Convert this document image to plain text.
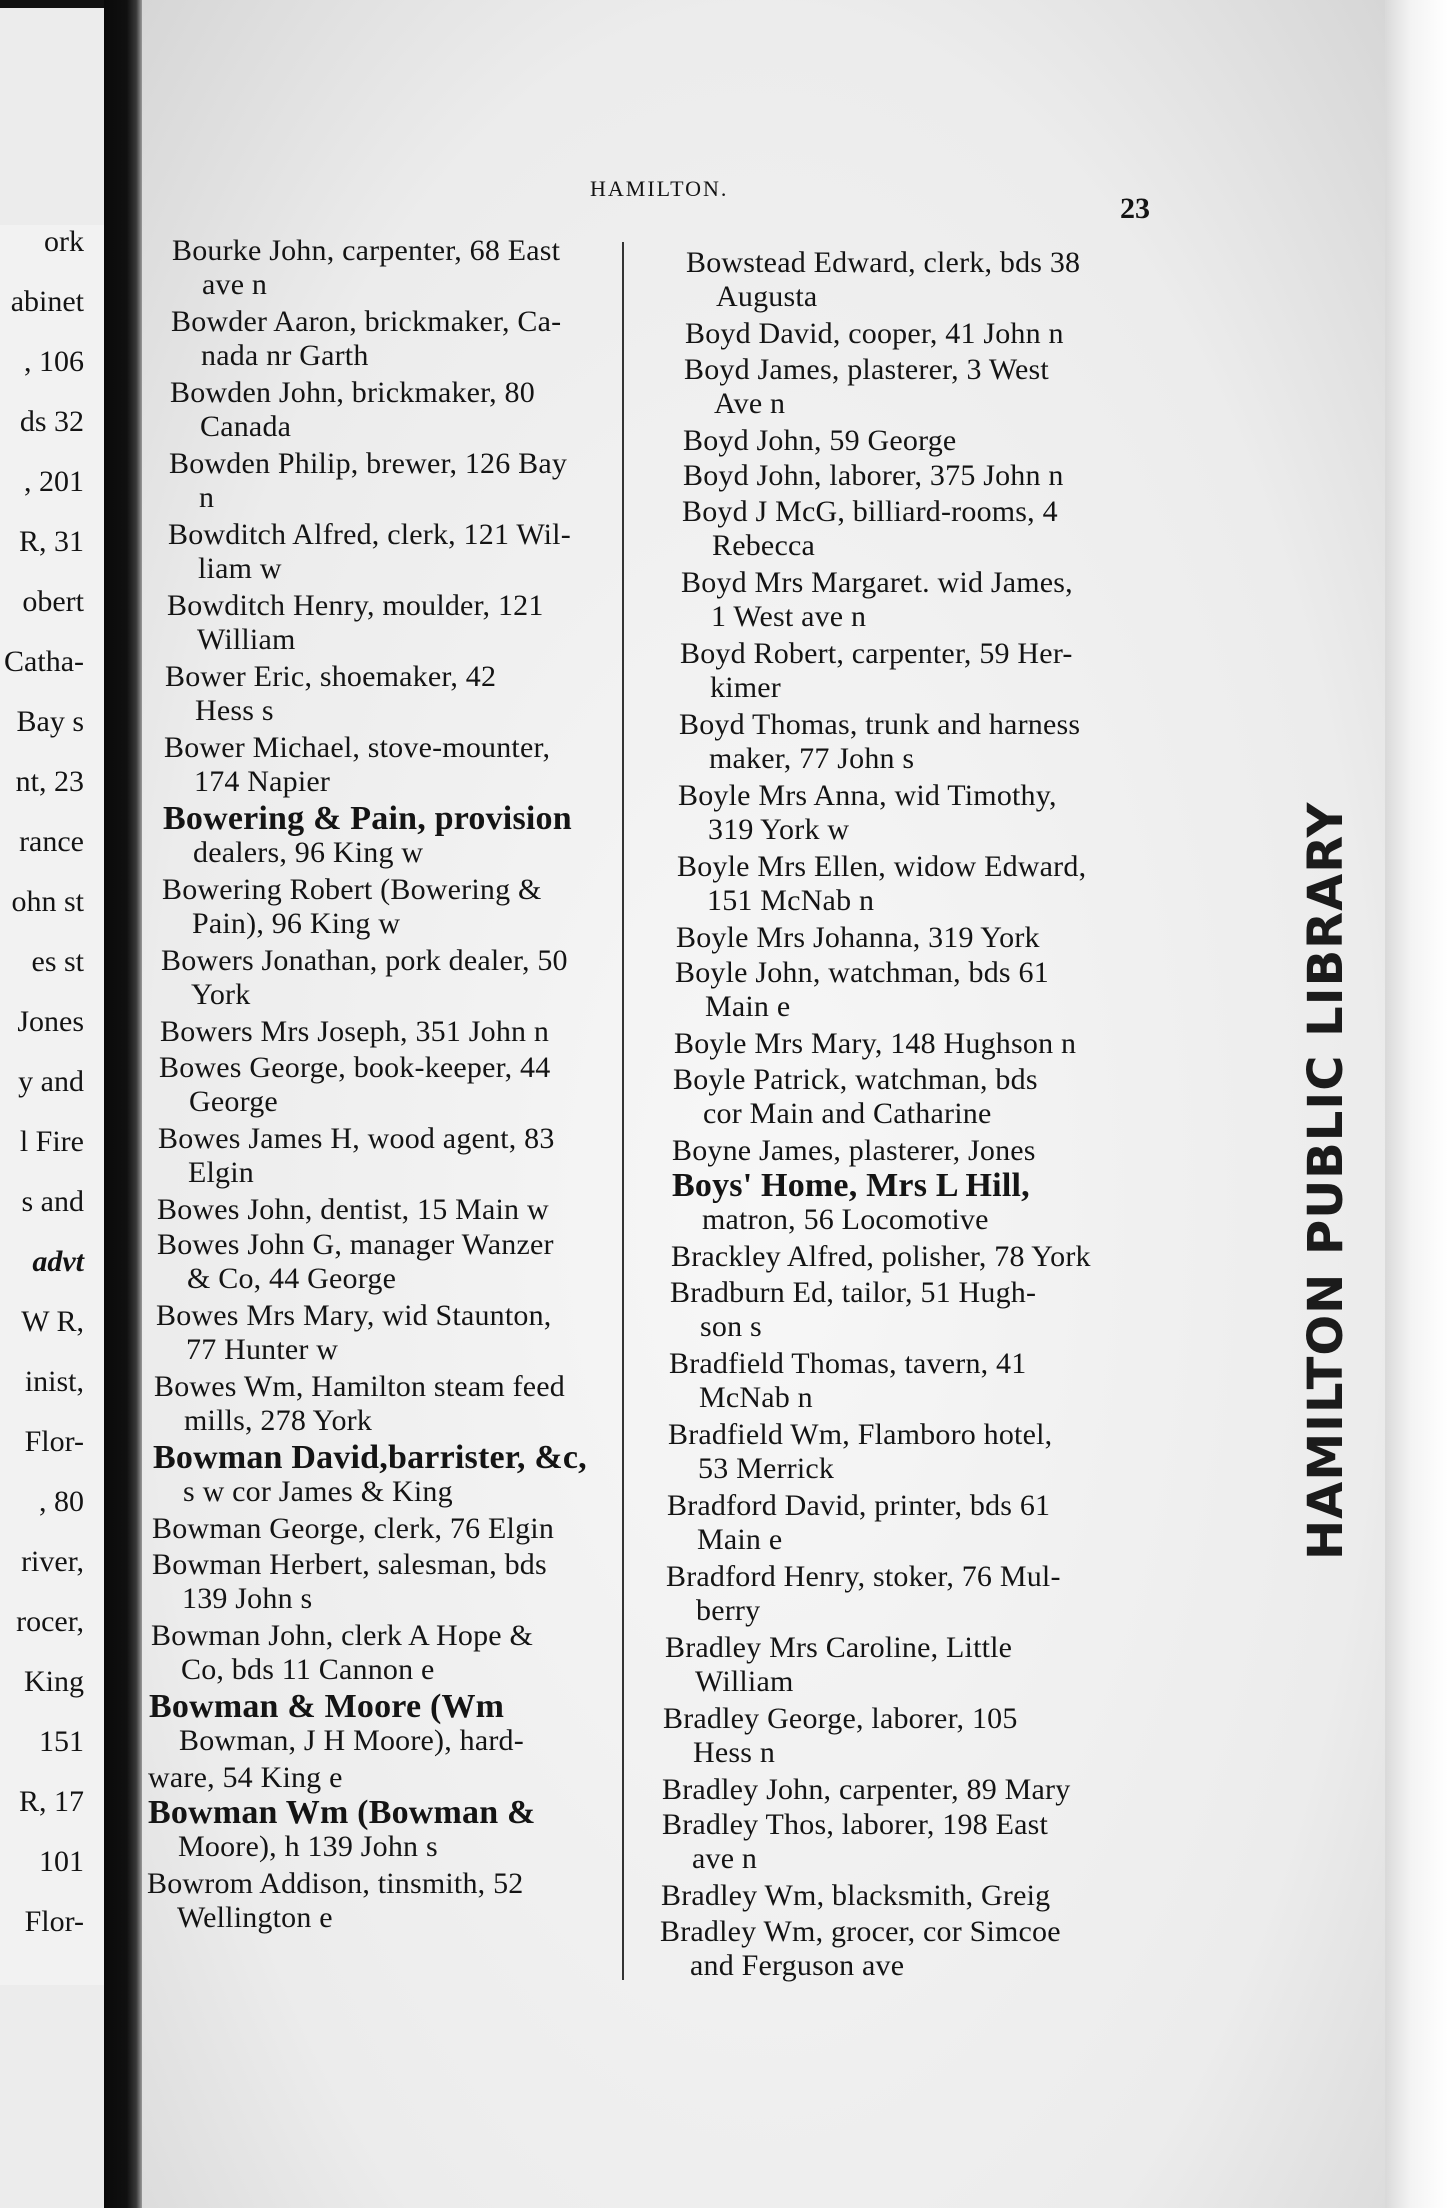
ork
abinet
, 106
ds 32
, 201
R, 31
obert
Catha-
Bay s
nt, 23
rance
ohn st
es st
Jones
y and
l Fire
s and
advt
W R,
inist,
Flor-
, 80
river,
rocer,
King
151
R, 17
101
Flor-
HAMILTON.
23
Bourke John, carpenter, 68 East
ave n
Bowder Aaron, brickmaker, Ca-
nada nr Garth
Bowden John, brickmaker, 80
Canada
Bowden Philip, brewer, 126 Bay
n
Bowditch Alfred, clerk, 121 Wil-
liam w
Bowditch Henry, moulder, 121
William
Bower Eric, shoemaker, 42
Hess s
Bower Michael, stove-mounter,
174 Napier
Bowering & Pain, provision
dealers, 96 King w
Bowering Robert (Bowering &
Pain), 96 King w
Bowers Jonathan, pork dealer, 50
York
Bowers Mrs Joseph, 351 John n
Bowes George, book-keeper, 44
George
Bowes James H, wood agent, 83
Elgin
Bowes John, dentist, 15 Main w
Bowes John G, manager Wanzer
& Co, 44 George
Bowes Mrs Mary, wid Staunton,
77 Hunter w
Bowes Wm, Hamilton steam feed
mills, 278 York
Bowman David,barrister, &c,
s w cor James & King
Bowman George, clerk, 76 Elgin
Bowman Herbert, salesman, bds
139 John s
Bowman John, clerk A Hope &
Co, bds 11 Cannon e
Bowman & Moore (Wm
Bowman, J H Moore), hard-
ware, 54 King e
Bowman Wm (Bowman &
Moore), h 139 John s
Bowrom Addison, tinsmith, 52
Wellington e
Bowstead Edward, clerk, bds 38
Augusta
Boyd David, cooper, 41 John n
Boyd James, plasterer, 3 West
Ave n
Boyd John, 59 George
Boyd John, laborer, 375 John n
Boyd J McG, billiard-rooms, 4
Rebecca
Boyd Mrs Margaret. wid James,
1 West ave n
Boyd Robert, carpenter, 59 Her-
kimer
Boyd Thomas, trunk and harness
maker, 77 John s
Boyle Mrs Anna, wid Timothy,
319 York w
Boyle Mrs Ellen, widow Edward,
151 McNab n
Boyle Mrs Johanna, 319 York
Boyle John, watchman, bds 61
Main e
Boyle Mrs Mary, 148 Hughson n
Boyle Patrick, watchman, bds
cor Main and Catharine
Boyne James, plasterer, Jones
Boys' Home, Mrs L Hill,
matron, 56 Locomotive
Brackley Alfred, polisher, 78 York
Bradburn Ed, tailor, 51 Hugh-
son s
Bradfield Thomas, tavern, 41
McNab n
Bradfield Wm, Flamboro hotel,
53 Merrick
Bradford David, printer, bds 61
Main e
Bradford Henry, stoker, 76 Mul-
berry
Bradley Mrs Caroline, Little
William
Bradley George, laborer, 105
Hess n
Bradley John, carpenter, 89 Mary
Bradley Thos, laborer, 198 East
ave n
Bradley Wm, blacksmith, Greig
Bradley Wm, grocer, cor Simcoe
and Ferguson ave
HAMILTON PUBLIC LIBRARY
